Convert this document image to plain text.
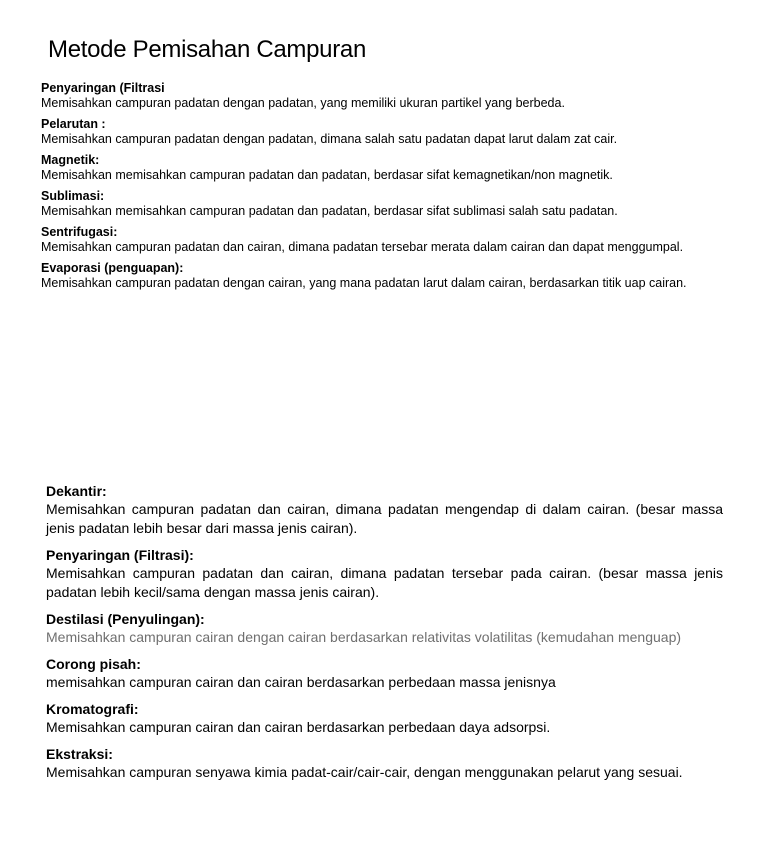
Metode Pemisahan Campuran
Penyaringan (Filtrasi
Memisahkan campuran padatan dengan padatan, yang memiliki ukuran partikel yang berbeda.
Pelarutan :
Memisahkan campuran padatan dengan padatan, dimana salah satu padatan dapat larut dalam zat cair.
Magnetik:
Memisahkan memisahkan campuran padatan dan padatan, berdasar sifat kemagnetikan/non magnetik.
Sublimasi:
Memisahkan memisahkan campuran padatan dan padatan, berdasar sifat sublimasi salah satu padatan.
Sentrifugasi:
Memisahkan campuran padatan dan cairan, dimana padatan tersebar merata dalam cairan dan dapat menggumpal.
Evaporasi (penguapan):
Memisahkan campuran padatan dengan cairan, yang mana padatan larut dalam cairan, berdasarkan titik uap cairan.
Dekantir:
Memisahkan campuran padatan dan cairan, dimana padatan mengendap di dalam cairan. (besar massa jenis padatan lebih besar dari massa jenis cairan).
Penyaringan (Filtrasi):
Memisahkan campuran padatan dan cairan, dimana padatan tersebar pada cairan. (besar massa jenis padatan lebih kecil/sama dengan massa jenis cairan).
Destilasi (Penyulingan):
Memisahkan campuran cairan dengan cairan berdasarkan relativitas volatilitas (kemudahan menguap)
Corong pisah:
memisahkan campuran cairan dan cairan berdasarkan perbedaan massa jenisnya
Kromatografi:
Memisahkan campuran cairan dan cairan berdasarkan perbedaan daya adsorpsi.
Ekstraksi:
Memisahkan campuran senyawa kimia padat-cair/cair-cair, dengan menggunakan pelarut yang sesuai.
